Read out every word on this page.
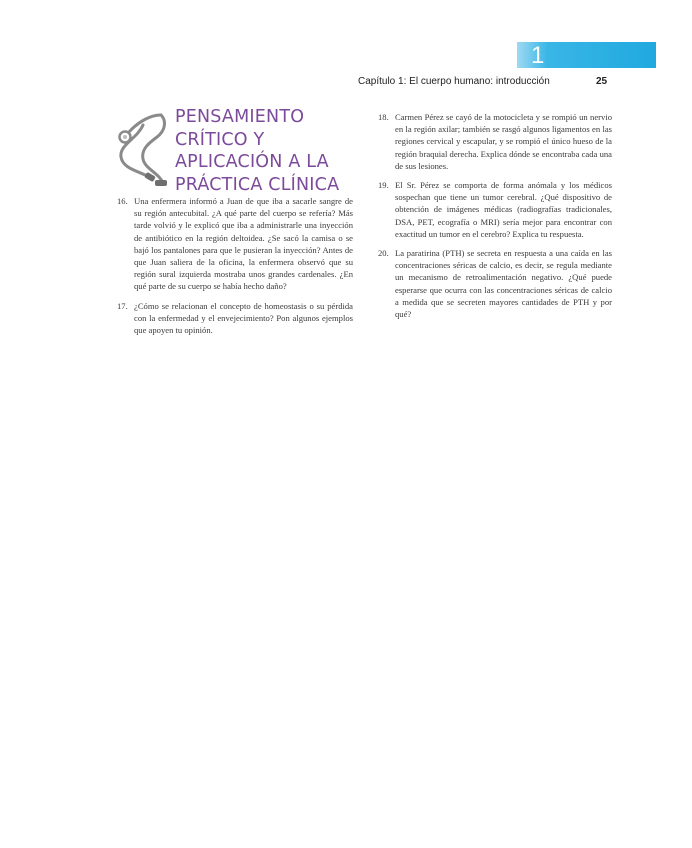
1
Capítulo 1: El cuerpo humano: introducción	25
PENSAMIENTO
CRÍTICO Y
APLICACIÓN A LA
PRÁCTICA CLÍNICA
16. Una enfermera informó a Juan de que iba a sacarle sangre de su región antecubital. ¿A qué parte del cuerpo se refería? Más tarde volvió y le explicó que iba a administrarle una inyección de antibiótico en la región deltoidea. ¿Se sacó la camisa o se bajó los pantalones para que le pusieran la inyección? Antes de que Juan saliera de la oficina, la enfermera observó que su región sural izquierda mostraba unos grandes cardenales. ¿En qué parte de su cuerpo se había hecho daño?
17. ¿Cómo se relacionan el concepto de homeostasis o su pérdida con la enfermedad y el envejecimiento? Pon algunos ejemplos que apoyen tu opinión.
18. Carmen Pérez se cayó de la motocicleta y se rompió un nervio en la región axilar; también se rasgó algunos ligamentos en las regiones cervical y escapular, y se rompió el único hueso de la región braquial derecha. Explica dónde se encontraba cada una de sus lesiones.
19. El Sr. Pérez se comporta de forma anómala y los médicos sospechan que tiene un tumor cerebral. ¿Qué dispositivo de obtención de imágenes médicas (radiografías tradicionales, DSA, PET, ecografía o MRI) sería mejor para encontrar con exactitud un tumor en el cerebro? Explica tu respuesta.
20. La paratirina (PTH) se secreta en respuesta a una caída en las concentraciones séricas de calcio, es decir, se regula mediante un mecanismo de retroalimentación negativo. ¿Qué puede esperarse que ocurra con las concentraciones séricas de calcio a medida que se secreten mayores cantidades de PTH y por qué?
